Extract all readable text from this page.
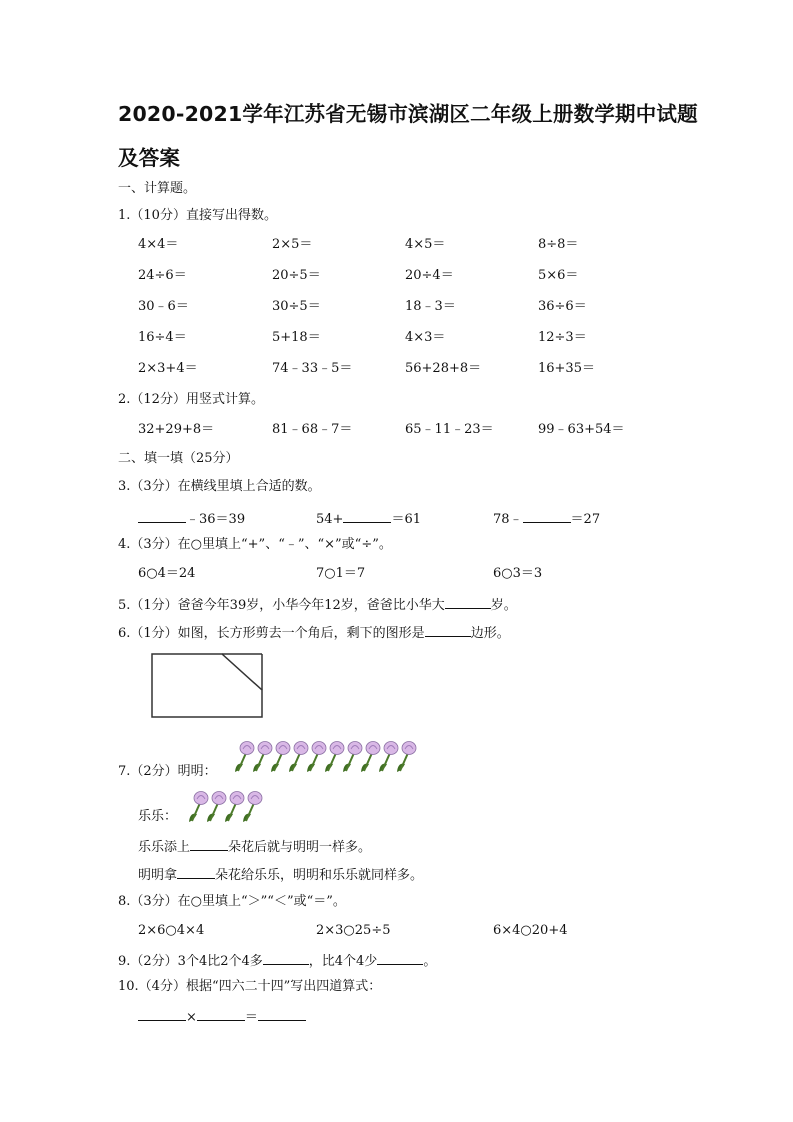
2020-2021学年江苏省无锡市滨湖区二年级上册数学期中试题及答案
一、计算题。
1.（10分）直接写出得数。
4×4＝	2×5＝	4×5＝	8÷8＝
24÷6＝	20÷5＝	20÷4＝	5×6＝
30﹣6＝	30÷5＝	18﹣3＝	36÷6＝
16÷4＝	5+18＝	4×3＝	12÷3＝
2×3+4＝	74﹣33﹣5＝	56+28+8＝	16+35＝
2.（12分）用竖式计算。
32+29+8＝	81﹣68﹣7＝	65﹣11﹣23＝	99﹣63+54＝
二、填一填（25分）
3.（3分）在横线里填上合适的数。
﹣36＝39	54+	＝61	78﹣	＝27
4.（3分）在○里填上“+”、“﹣”、“×”或“÷”。
6○4＝24	7○1＝7	6○3＝3
5.（1分）爸爸今年39岁，小华今年12岁，爸爸比小华大	岁。
6.（1分）如图，长方形剪去一个角后，剩下的图形是	边形。
7.（2分）明明：
乐乐：
乐乐添上	朵花后就与明明一样多。
明明拿	朵花给乐乐，明明和乐乐就同样多。
8.（3分）在○里填上“＞”“＜”或“＝”。
2×6○4×4	2×3○25÷5	6×4○20+4
9.（2分）3个4比2个4多	，比4个4少	。
10.（4分）根据“四六二十四”写出四道算式：
×	＝
